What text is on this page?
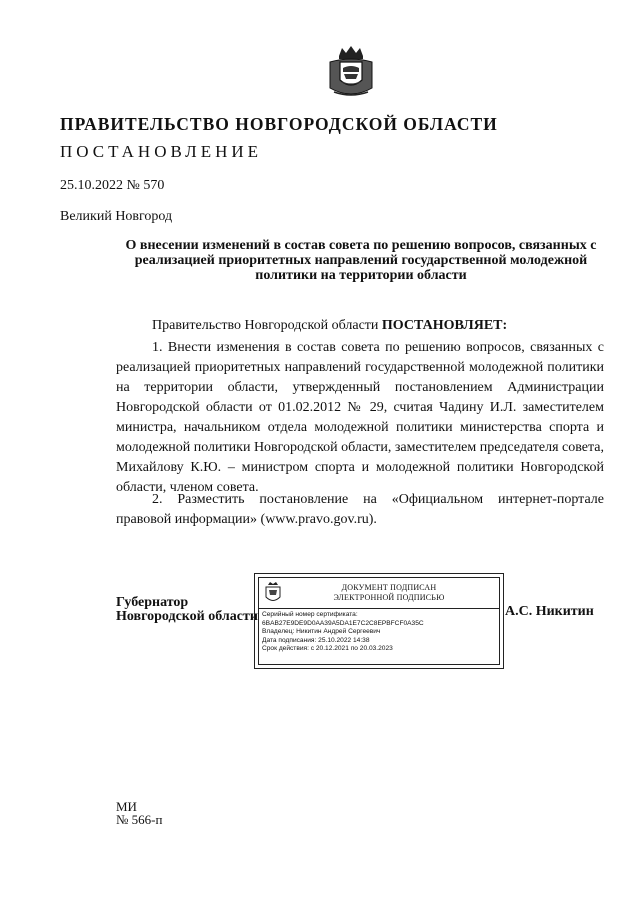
ПРАВИТЕЛЬСТВО НОВГОРОДСКОЙ ОБЛАСТИ
ПОСТАНОВЛЕНИЕ
25.10.2022 № 570
Великий Новгород
О внесении изменений в состав совета по решению вопросов, связанных с реализацией приоритетных направлений государственной молодежной политики на территории области
Правительство Новгородской области ПОСТАНОВЛЯЕТ:
1. Внести изменения в состав совета по решению вопросов, связанных с реализацией приоритетных направлений государственной молодежной политики на территории области, утвержденный постановлением Администрации Новгородской области от 01.02.2012 № 29, считая Чадину И.Л. заместителем министра, начальником отдела молодежной политики министерства спорта и молодежной политики Новгородской области, заместителем председателя совета, Михайлову К.Ю. – министром спорта и молодежной политики Новгородской области, членом совета.
2. Разместить постановление на «Официальном интернет-портале правовой информации» (www.pravo.gov.ru).
Губернатор
Новгородской области
ДОКУМЕНТ ПОДПИСАН
ЭЛЕКТРОННОЙ ПОДПИСЬЮ
Серийный номер сертификата:
6BAB27E9DE9D0AA39A5DA1E7C2C8EPBFCF0A35C
Владелец: Никитин Андрей Сергеевич
Дата подписания: 25.10.2022 14:38
Срок действия: с 20.12.2021 по 20.03.2023
А.С. Никитин
МИ
№ 566-п
